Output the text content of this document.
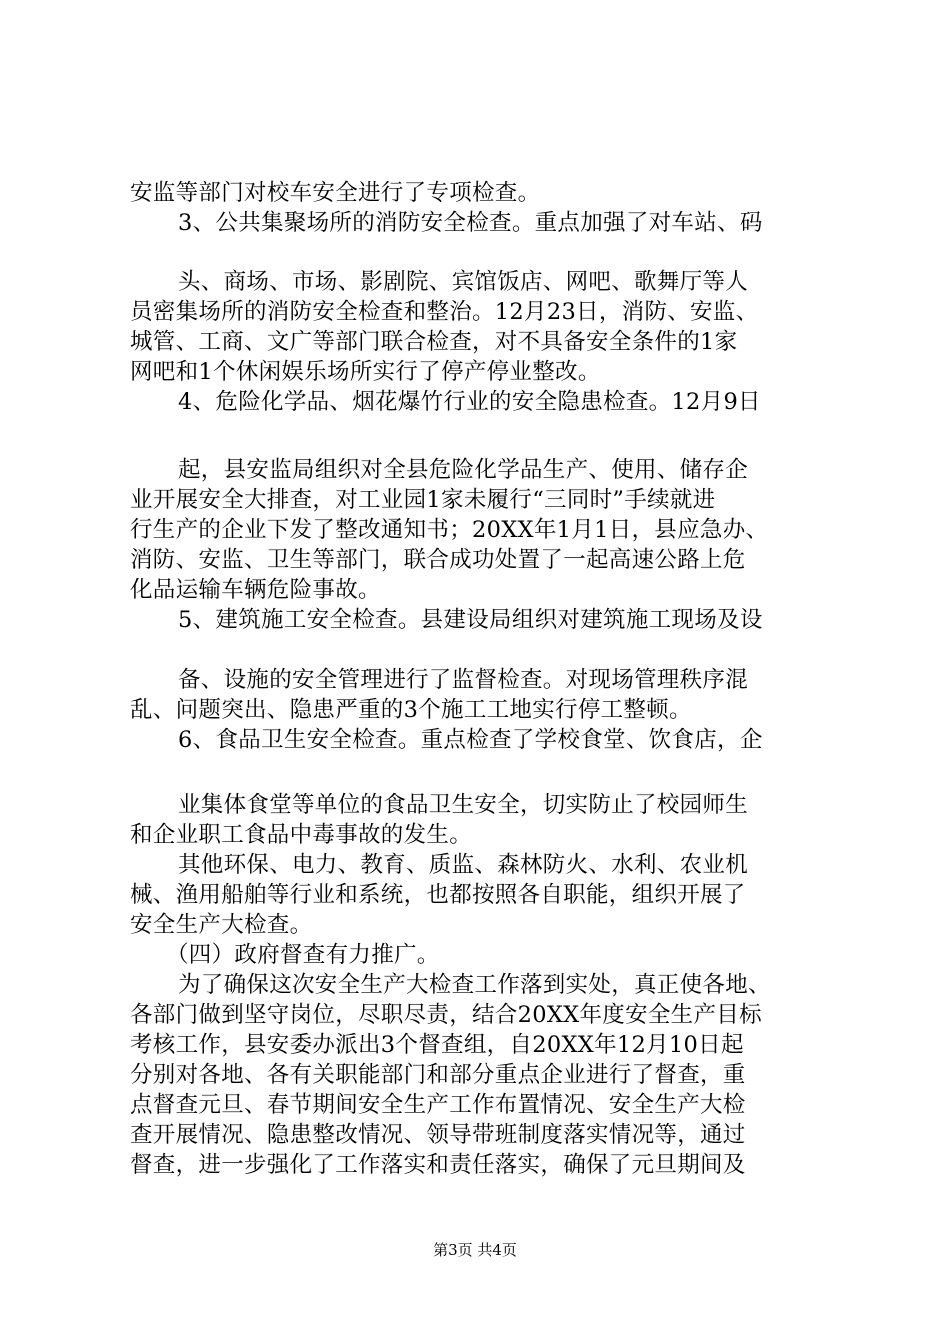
安监等部门对校车安全进行了专项检查。
3、公共集聚场所的消防安全检查。重点加强了对车站、码
头、商场、市场、影剧院、宾馆饭店、网吧、歌舞厅等人
员密集场所的消防安全检查和整治。12月23日，消防、安监、
城管、工商、文广等部门联合检查，对不具备安全条件的1家
网吧和1个休闲娱乐场所实行了停产停业整改。
4、危险化学品、烟花爆竹行业的安全隐患检查。12月9日
起，县安监局组织对全县危险化学品生产、使用、储存企
业开展安全大排查，对工业园1家未履行“三同时”手续就进
行生产的企业下发了整改通知书；20XX年1月1日，县应急办、
消防、安监、卫生等部门，联合成功处置了一起高速公路上危
化品运输车辆危险事故。
5、建筑施工安全检查。县建设局组织对建筑施工现场及设
备、设施的安全管理进行了监督检查。对现场管理秩序混
乱、问题突出、隐患严重的3个施工工地实行停工整顿。
6、食品卫生安全检查。重点检查了学校食堂、饮食店，企
业集体食堂等单位的食品卫生安全，切实防止了校园师生
和企业职工食品中毒事故的发生。
其他环保、电力、教育、质监、森林防火、水利、农业机
械、渔用船舶等行业和系统，也都按照各自职能，组织开展了
安全生产大检查。
（四）政府督查有力推广。
为了确保这次安全生产大检查工作落到实处，真正使各地、
各部门做到坚守岗位，尽职尽责，结合20XX年度安全生产目标
考核工作，县安委办派出3个督查组，自20XX年12月10日起
分别对各地、各有关职能部门和部分重点企业进行了督查，重
点督查元旦、春节期间安全生产工作布置情况、安全生产大检
查开展情况、隐患整改情况、领导带班制度落实情况等，通过
督查，进一步强化了工作落实和责任落实，确保了元旦期间及
第3页 共4页
